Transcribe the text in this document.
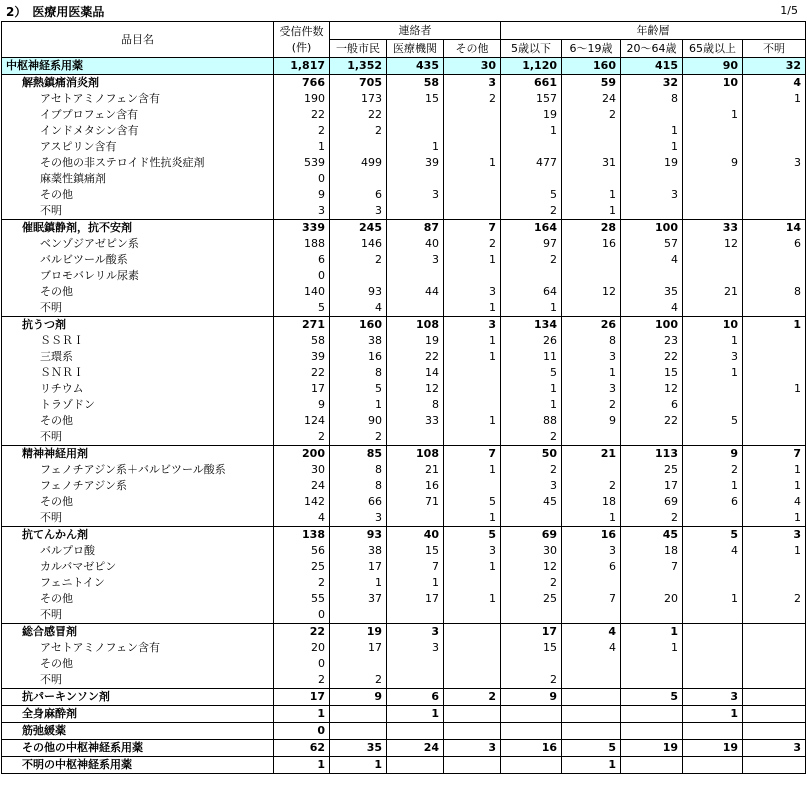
2）　医療用医薬品	1/5
品目名	受信件数
(件)	連絡者			年齢層				
		一般市民	医療機関	その他	5歳以下	6～19歳	20～64歳	65歳以上	不明
中枢神経系用薬	1,817	1,352	435	30	1,120	160	415	90	32
解熱鎮痛消炎剤	766	705	58	3	661	59	32	10	4
アセトアミノフェン含有	190	173	15	2	157	24	8		1
イブプロフェン含有	22	22			19	2		1	
インドメタシン含有	2	2			1		1		
アスピリン含有	1		1				1		
その他の非ステロイド性抗炎症剤	539	499	39	1	477	31	19	9	3
麻薬性鎮痛剤	0								
その他	9	6	3		5	1	3		
不明	3	3			2	1			
催眠鎮静剤，抗不安剤	339	245	87	7	164	28	100	33	14
ベンゾジアゼピン系	188	146	40	2	97	16	57	12	6
バルビツール酸系	6	2	3	1	2		4		
ブロモバレリル尿素	0								
その他	140	93	44	3	64	12	35	21	8
不明	5	4		1	1		4		
抗うつ剤	271	160	108	3	134	26	100	10	1
ＳＳＲＩ	58	38	19	1	26	8	23	1	
三環系	39	16	22	1	11	3	22	3	
ＳＮＲＩ	22	8	14		5	1	15	1	
リチウム	17	5	12		1	3	12		1
トラゾドン	9	1	8		1	2	6		
その他	124	90	33	1	88	9	22	5	
不明	2	2			2				
精神神経用剤	200	85	108	7	50	21	113	9	7
フェノチアジン系＋バルビツール酸系	30	8	21	1	2		25	2	1
フェノチアジン系	24	8	16		3	2	17	1	1
その他	142	66	71	5	45	18	69	6	4
不明	4	3		1		1	2		1
抗てんかん剤	138	93	40	5	69	16	45	5	3
バルプロ酸	56	38	15	3	30	3	18	4	1
カルバマゼピン	25	17	7	1	12	6	7		
フェニトイン	2	1	1		2				
その他	55	37	17	1	25	7	20	1	2
不明	0								
総合感冒剤	22	19	3		17	4	1		
アセトアミノフェン含有	20	17	3		15	4	1		
その他	0								
不明	2	2			2				
抗パーキンソン剤	17	9	6	2	9		5	3	
全身麻酔剤	1		1					1	
筋弛緩薬	0								
その他の中枢神経系用薬	62	35	24	3	16	5	19	19	3
不明の中枢神経系用薬	1	1				1			
